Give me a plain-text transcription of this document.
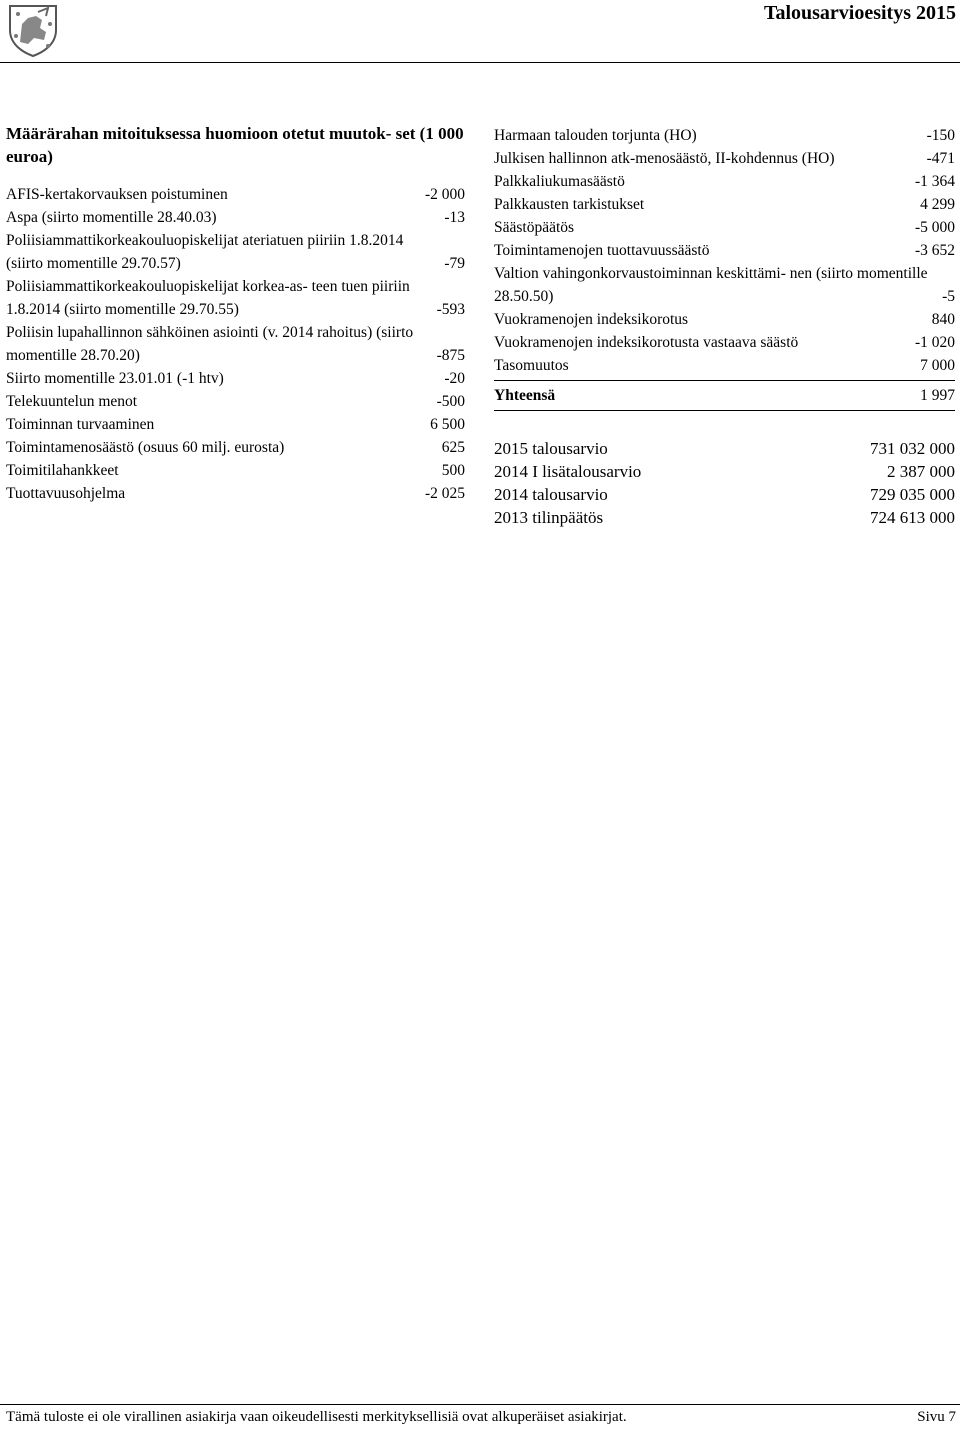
Talousarvioesitys 2015

Määrärahan mitoituksessa huomioon otetut muutok- set (1 000 euroa)

AFIS-kertakorvauksen poistuminen	-2 000
Aspa (siirto momentille 28.40.03)	-13
Poliisiammattikorkeakouluopiskelijat ateriatuen piiriin 1.8.2014 (siirto momentille 29.70.57)	-79
Poliisiammattikorkeakouluopiskelijat korkea-as- teen tuen piiriin 1.8.2014 (siirto momentille 29.70.55)	-593
Poliisin lupahallinnon sähköinen asiointi (v. 2014 rahoitus) (siirto momentille 28.70.20)	-875
Siirto momentille 23.01.01 (-1 htv)	-20
Telekuuntelun menot	-500
Toiminnan turvaaminen	6 500
Toimintamenosäästö (osuus 60 milj. eurosta)	625
Toimitilahankkeet	500
Tuottavuusohjelma	-2 025
Harmaan talouden torjunta (HO)	-150
Julkisen hallinnon atk-menosäästö, II-kohdennus (HO)	-471
Palkkaliukumasäästö	-1 364
Palkkausten tarkistukset	4 299
Säästöpäätös	-5 000
Toimintamenojen tuottavuussäästö	-3 652
Valtion vahingonkorvaustoiminnan keskittämi- nen (siirto momentille 28.50.50)	-5
Vuokramenojen indeksikorotus	840
Vuokramenojen indeksikorotusta vastaava säästö	-1 020
Tasomuutos	7 000
Yhteensä	1 997
2015 talousarvio	731 032 000
2014 I lisätalousarvio	2 387 000
2014 talousarvio	729 035 000
2013 tilinpäätös	724 613 000
Tämä tuloste ei ole virallinen asiakirja vaan oikeudellisesti merkityksellisiä ovat alkuperäiset asiakirjat.	Sivu 7
